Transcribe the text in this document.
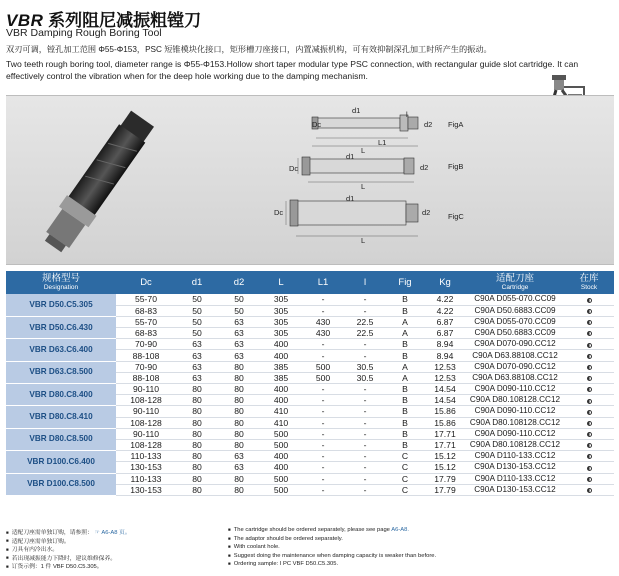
VBR 系列阻尼减振粗镗刀
VBR Damping Rough Boring Tool
双刃可调，镗孔加工范围 Φ55-Φ153，PSC 短锥模块化接口，矩形槽刀座接口，内置减振机构，可有效抑制深孔加工时所产生的振动。
Two teeth rough boring tool, diameter range is Φ55-Φ153.Hollow short taper modular type PSC connection, with rectangular guide slot cartridge. It can effectively control the vibration when for the deep hole working due to the damping mechanism.
FigA
FigB
FigC
Dc
L1
L
l
d2
d1
Dc
d1
d2
L
Dc
d1
d2
L
规格型号
Designation	Dc	d1	d2	L	L1	l	Fig	Kg	适配刀座
Cartridge	在库
Stock

VBR D50.C5.305	55-70	50	50	305	-	-	B	4.22	C90A D055-070.CC09	
	68-83	50	50	305	-	-	B	4.22	C90A D50.6883.CC09	
VBR D50.C6.430	55-70	50	63	305	430	22.5	A	6.87	C90A D055-070.CC09	
	68-83	50	63	305	430	22.5	A	6.87	C90A D50.6883.CC09	
VBR D63.C6.400	70-90	63	63	400	-	-	B	8.94	C90A D070-090.CC12	
	88-108	63	63	400	-	-	B	8.94	C90A D63.88108.CC12	
VBR D63.C8.500	70-90	63	80	385	500	30.5	A	12.53	C90A D070-090.CC12	
	88-108	63	80	385	500	30.5	A	12.53	C90A D63.88108.CC12	
VBR D80.C8.400	90-110	80	80	400	-	-	B	14.54	C90A D090-110.CC12	
	108-128	80	80	400	-	-	B	14.54	C90A D80.108128.CC12	
VBR D80.C8.410	90-110	80	80	410	-	-	B	15.86	C90A D090-110.CC12	
	108-128	80	80	410	-	-	B	15.86	C90A D80.108128.CC12	
VBR D80.C8.500	90-110	80	80	500	-	-	B	17.71	C90A D090-110.CC12	
	108-128	80	80	500	-	-	B	17.71	C90A D80.108128.CC12	
VBR D100.C6.400	110-133	80	63	400	-	-	C	15.12	C90A D110-133.CC12	
	130-153	80	63	400	-	-	C	15.12	C90A D130-153.CC12	
VBR D100.C8.500	110-133	80	80	500	-	-	C	17.79	C90A D110-133.CC12	
	130-153	80	80	500	-	-	C	17.79	C90A D130-153.CC12	
■ 适配刀座需单独订购，请参照： ☞ A6-A8 页。
■ 适配刀座需单独订购。
■ 刀具有内冷出水。
■ 若出现减振能力下降时，建议维修保养。
■ 订货示例：1 件 VBF D50.C5.305。
■ The cartridge should be ordered separately, please see page A6-A8.
■ The adaptor should be ordered separately.
■ With coolant hole.
■ Suggest doing the maintenance when damping capacity is weaker than before.
■ Ordering sample: I PC VBF D50.C5.305.
